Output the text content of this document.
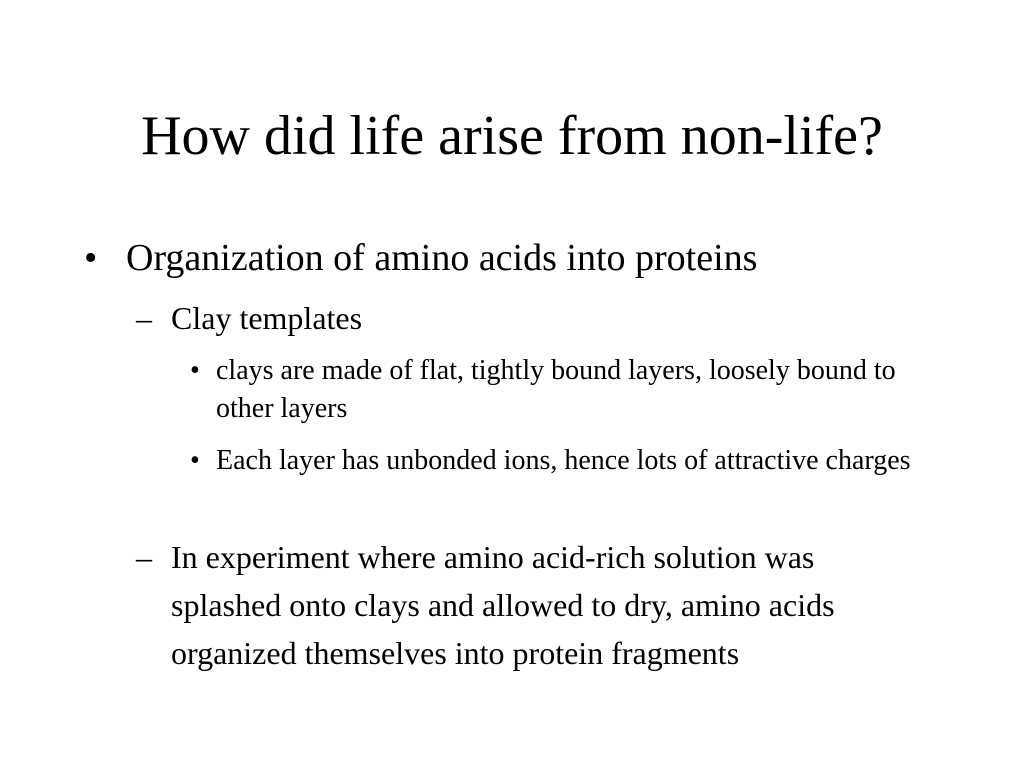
How did life arise from non-life?
• Organization of amino acids into proteins
– Clay templates
• clays are made of flat, tightly bound layers, loosely bound to other layers
• Each layer has unbonded ions, hence lots of attractive charges
– In experiment where amino acid-rich solution was splashed onto clays and allowed to dry, amino acids organized themselves into protein fragments
